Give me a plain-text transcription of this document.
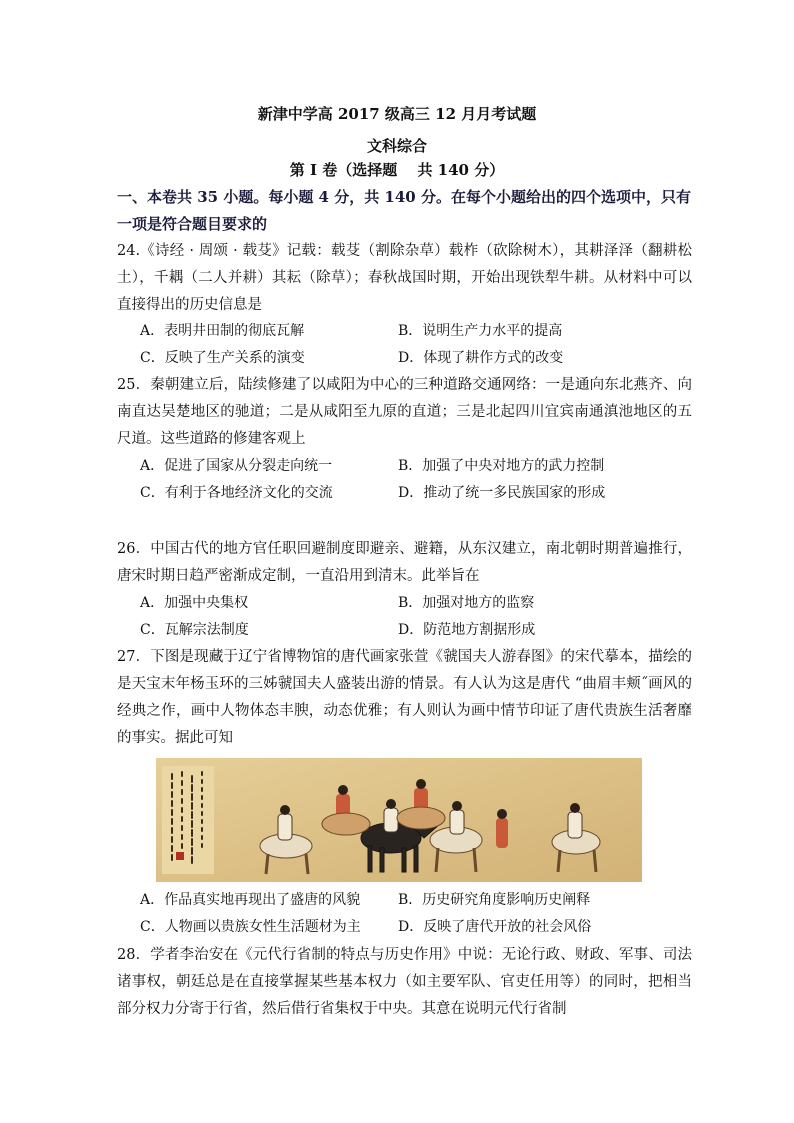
新津中学高 2017 级高三 12 月月考试题
文科综合
第 I 卷（选择题　 共 140 分）
一、本卷共 35 小题。每小题 4 分，共 140 分。在每个小题给出的四个选项中，只有一项是符合题目要求的
24.《诗经 · 周颂 · 载芟》记载：载芟（割除杂草）载柞（砍除树木），其耕泽泽（翻耕松土），千耦（二人并耕）其耘（除草）；春秋战国时期，开始出现铁犁牛耕。从材料中可以直接得出的历史信息是
A．表明井田制的彻底瓦解	B．说明生产力水平的提高
C．反映了生产关系的演变	D．体现了耕作方式的改变
25．秦朝建立后，陆续修建了以咸阳为中心的三种道路交通网络：一是通向东北燕齐、向南直达吴楚地区的驰道；二是从咸阳至九原的直道；三是北起四川宜宾南通滇池地区的五尺道。这些道路的修建客观上
A．促进了国家从分裂走向统一	B．加强了中央对地方的武力控制
C．有利于各地经济文化的交流	D．推动了统一多民族国家的形成
26．中国古代的地方官任职回避制度即避亲、避籍，从东汉建立，南北朝时期普遍推行，唐宋时期日趋严密渐成定制，一直沿用到清末。此举旨在
A．加强中央集权	B．加强对地方的监察
C．瓦解宗法制度	D．防范地方割据形成
27．下图是现藏于辽宁省博物馆的唐代画家张萱《虢国夫人游春图》的宋代摹本，描绘的是天宝末年杨玉环的三姊虢国夫人盛装出游的情景。有人认为这是唐代 “曲眉丰颊˝画风的经典之作，画中人物体态丰腴，动态优雅；有人则认为画中情节印证了唐代贵族生活奢靡的事实。据此可知
A．作品真实地再现出了盛唐的风貌	B．历史研究角度影响历史阐释
C．人物画以贵族女性生活题材为主	D．反映了唐代开放的社会风俗
28．学者李治安在《元代行省制的特点与历史作用》中说：无论行政、财政、军事、司法诸事权，朝廷总是在直接掌握某些基本权力（如主要军队、官吏任用等）的同时，把相当部分权力分寄于行省，然后借行省集权于中央。其意在说明元代行省制
